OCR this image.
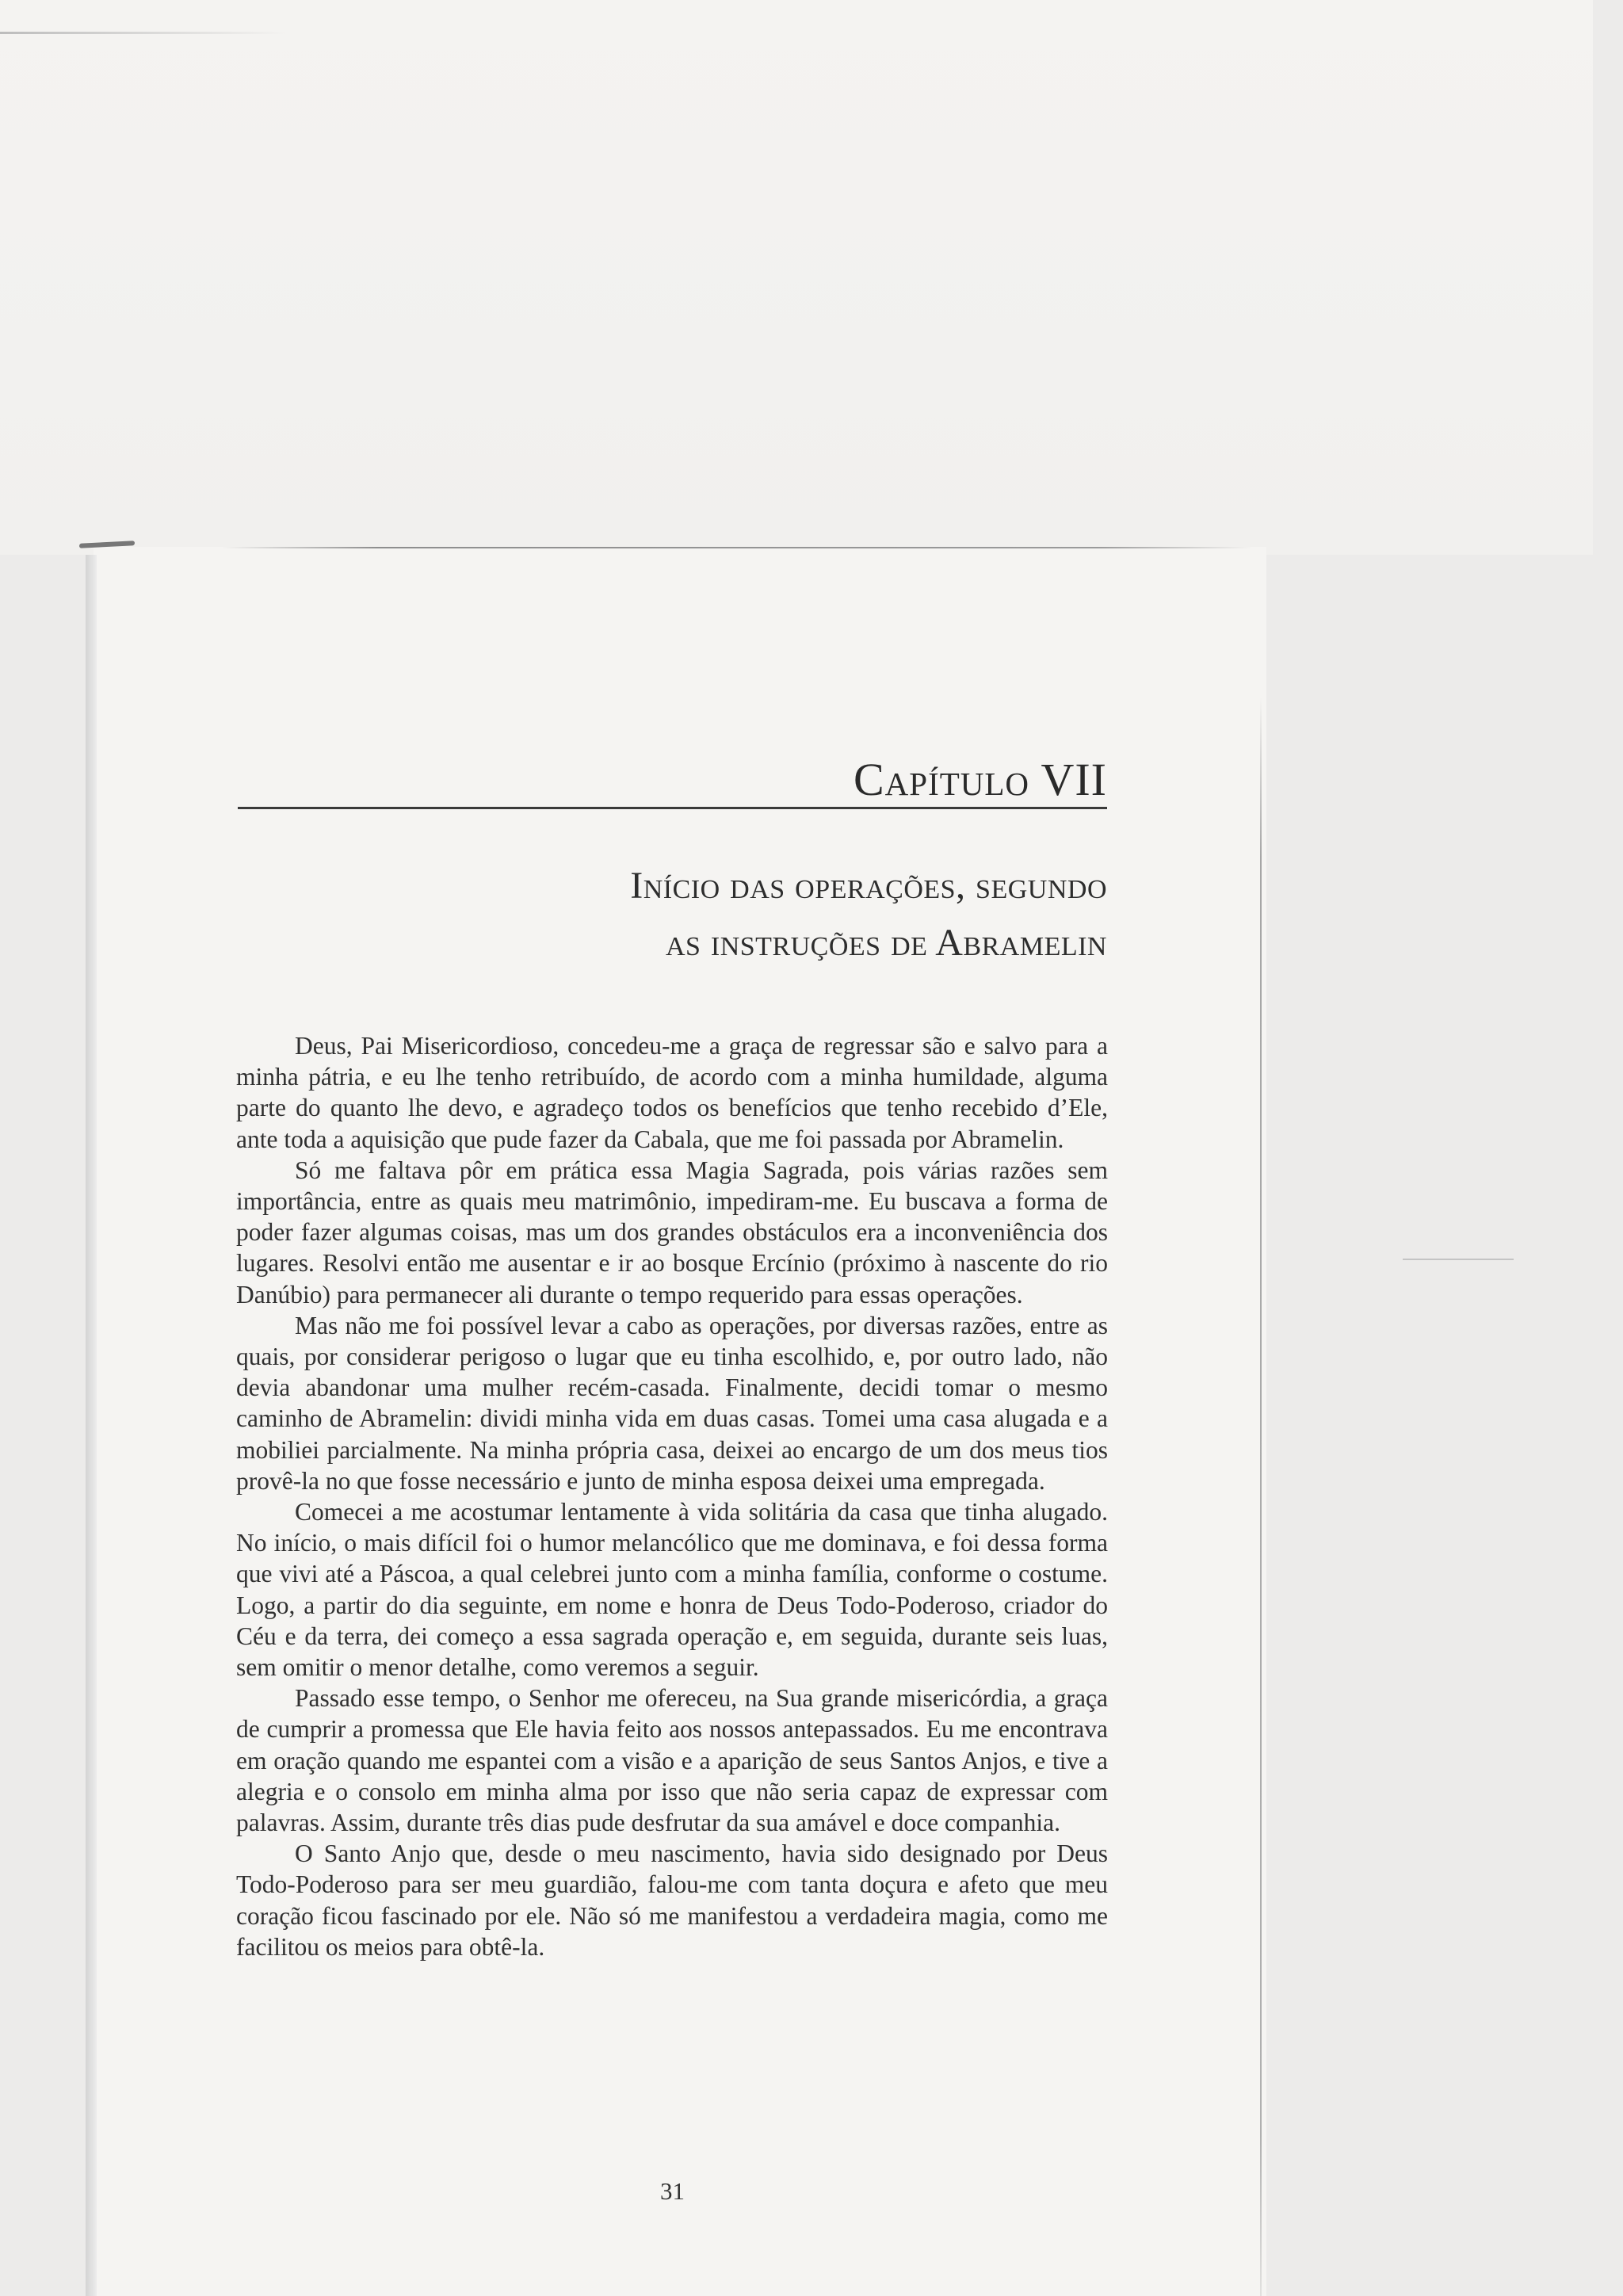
Capítulo VII
Início das operações, segundo
as instruções de Abramelin

Deus, Pai Misericordioso, concedeu-me a graça de regressar são e salvo para a minha pátria, e eu lhe tenho retribuído, de acordo com a minha humildade, alguma parte do quanto lhe devo, e agradeço todos os benefícios que tenho recebido d’Ele, ante toda a aquisição que pude fazer da Cabala, que me foi passada por Abramelin.

Só me faltava pôr em prática essa Magia Sagrada, pois várias razões sem importância, entre as quais meu matrimônio, impediram-me. Eu buscava a forma de poder fazer algumas coisas, mas um dos grandes obstáculos era a inconveniência dos lugares. Resolvi então me ausentar e ir ao bosque Ercínio (próximo à nascente do rio Danúbio) para permanecer ali durante o tempo requerido para essas operações.

Mas não me foi possível levar a cabo as operações, por diversas razões, entre as quais, por considerar perigoso o lugar que eu tinha escolhido, e, por outro lado, não devia abandonar uma mulher recém-casada. Finalmente, decidi tomar o mesmo caminho de Abramelin: dividi minha vida em duas casas. Tomei uma casa alugada e a mobiliei parcialmente. Na minha própria casa, deixei ao encargo de um dos meus tios provê-la no que fosse necessário e junto de minha esposa deixei uma empregada.

Comecei a me acostumar lentamente à vida solitária da casa que tinha alugado. No início, o mais difícil foi o humor melancólico que me dominava, e foi dessa forma que vivi até a Páscoa, a qual celebrei junto com a minha família, conforme o costume. Logo, a partir do dia seguinte, em nome e honra de Deus Todo-Poderoso, criador do Céu e da terra, dei começo a essa sagrada operação e, em seguida, durante seis luas, sem omitir o menor detalhe, como veremos a seguir.

Passado esse tempo, o Senhor me ofereceu, na Sua grande misericórdia, a graça de cumprir a promessa que Ele havia feito aos nossos antepassados. Eu me encontrava em oração quando me espantei com a visão e a aparição de seus Santos Anjos, e tive a alegria e o consolo em minha alma por isso que não seria capaz de expressar com palavras. Assim, durante três dias pude desfrutar da sua amável e doce companhia.

O Santo Anjo que, desde o meu nascimento, havia sido designado por Deus Todo-Poderoso para ser meu guardião, falou-me com tanta doçura e afeto que meu coração ficou fascinado por ele. Não só me manifestou a verdadeira magia, como me facilitou os meios para obtê-la.

31
